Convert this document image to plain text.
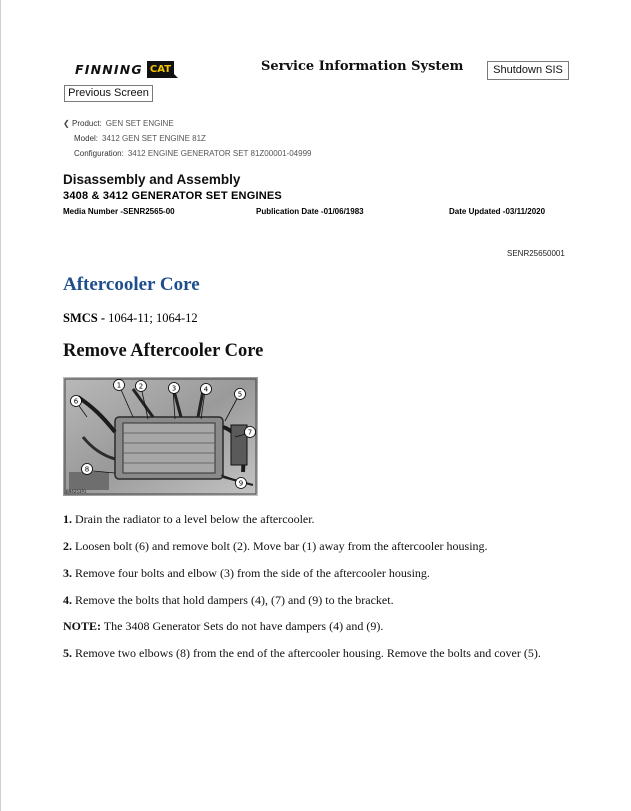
FINNING CAT	Service Information System	Shutdown SIS
Previous Screen
❮ Product: GEN SET ENGINE
Model: 3412 GEN SET ENGINE 81Z
Configuration: 3412 ENGINE GENERATOR SET 81Z00001-04999
Disassembly and Assembly
3408 & 3412 GENERATOR SET ENGINES
Media Number -SENR2565-00	Publication Date -01/06/1983	Date Updated -03/11/2020
SENR25650001
Aftercooler Core
SMCS - 1064-11; 1064-12
Remove Aftercooler Core
1	2	3	4
5
6
7
8
9
B94253P1
1. Drain the radiator to a level below the aftercooler.
2. Loosen bolt (6) and remove bolt (2). Move bar (1) away from the aftercooler housing.
3. Remove four bolts and elbow (3) from the side of the aftercooler housing.
4. Remove the bolts that hold dampers (4), (7) and (9) to the bracket.
NOTE: The 3408 Generator Sets do not have dampers (4) and (9).
5. Remove two elbows (8) from the end of the aftercooler housing. Remove the bolts and cover (5).
